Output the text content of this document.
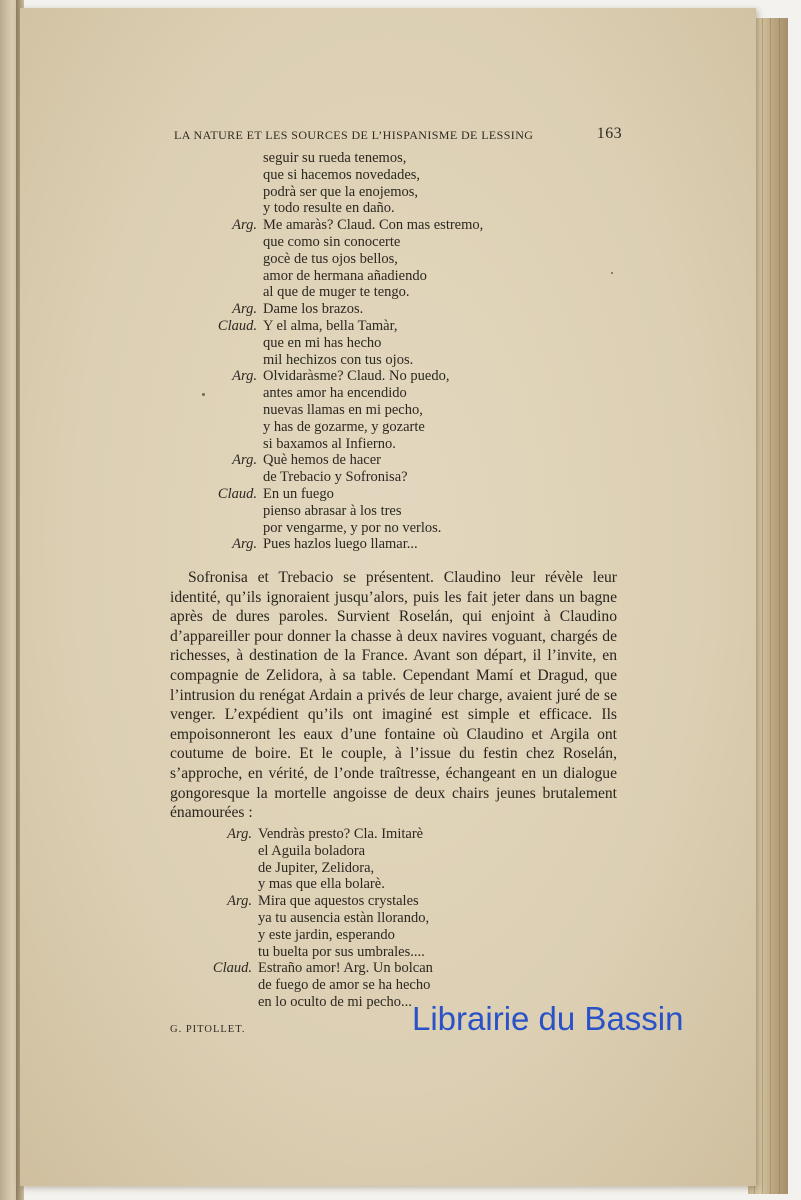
LA NATURE ET LES SOURCES DE L’HISPANISME DE LESSING	163
seguir su rueda tenemos,
que si hacemos novedades,
podrà ser que la enojemos,
y todo resulte en daño.
Arg. Me amaràs? Claud. Con mas estremo,
que como sin conocerte
gocè de tus ojos bellos,
amor de hermana añadiendo
al que de muger te tengo.
Arg. Dame los brazos.
Claud. Y el alma, bella Tamàr,
que en mi has hecho
mil hechizos con tus ojos.
Arg. Olvidaràsme? Claud. No puedo,
antes amor ha encendido
nuevas llamas en mi pecho,
y has de gozarme, y gozarte
si baxamos al Infierno.
Arg. Què hemos de hacer
de Trebacio y Sofronisa?
Claud. En un fuego
pienso abrasar à los tres
por vengarme, y por no verlos.
Arg. Pues hazlos luego llamar...
Sofronisa et Trebacio se présentent. Claudino leur révèle leur identité, qu’ils ignoraient jusqu’alors, puis les fait jeter dans un bagne après de dures paroles. Survient Roselán, qui enjoint à Claudino d’appareiller pour donner la chasse à deux navires voguant, chargés de richesses, à destination de la France. Avant son départ, il l’invite, en compagnie de Zelidora, à sa table. Cependant Mamí et Dragud, que l’intrusion du renégat Ardain a privés de leur charge, avaient juré de se venger. L’expédient qu’ils ont imaginé est simple et efficace. Ils empoisonneront les eaux d’une fontaine où Claudino et Argila ont coutume de boire. Et le couple, à l’issue du festin chez Roselán, s’approche, en vérité, de l’onde traîtresse, échangeant en un dialogue gongoresque la mortelle angoisse de deux chairs jeunes brutalement énamourées :
Arg. Vendràs presto? Cla. Imitarè
el Aguila boladora
de Jupiter, Zelidora,
y mas que ella bolarè.
Arg. Mira que aquestos crystales
ya tu ausencia estàn llorando,
y este jardin, esperando
tu buelta por sus umbrales....
Claud. Estraño amor! Arg. Un bolcan
de fuego de amor se ha hecho
en lo oculto de mi pecho...
G. PITOLLET.	Librairie du Bassin
